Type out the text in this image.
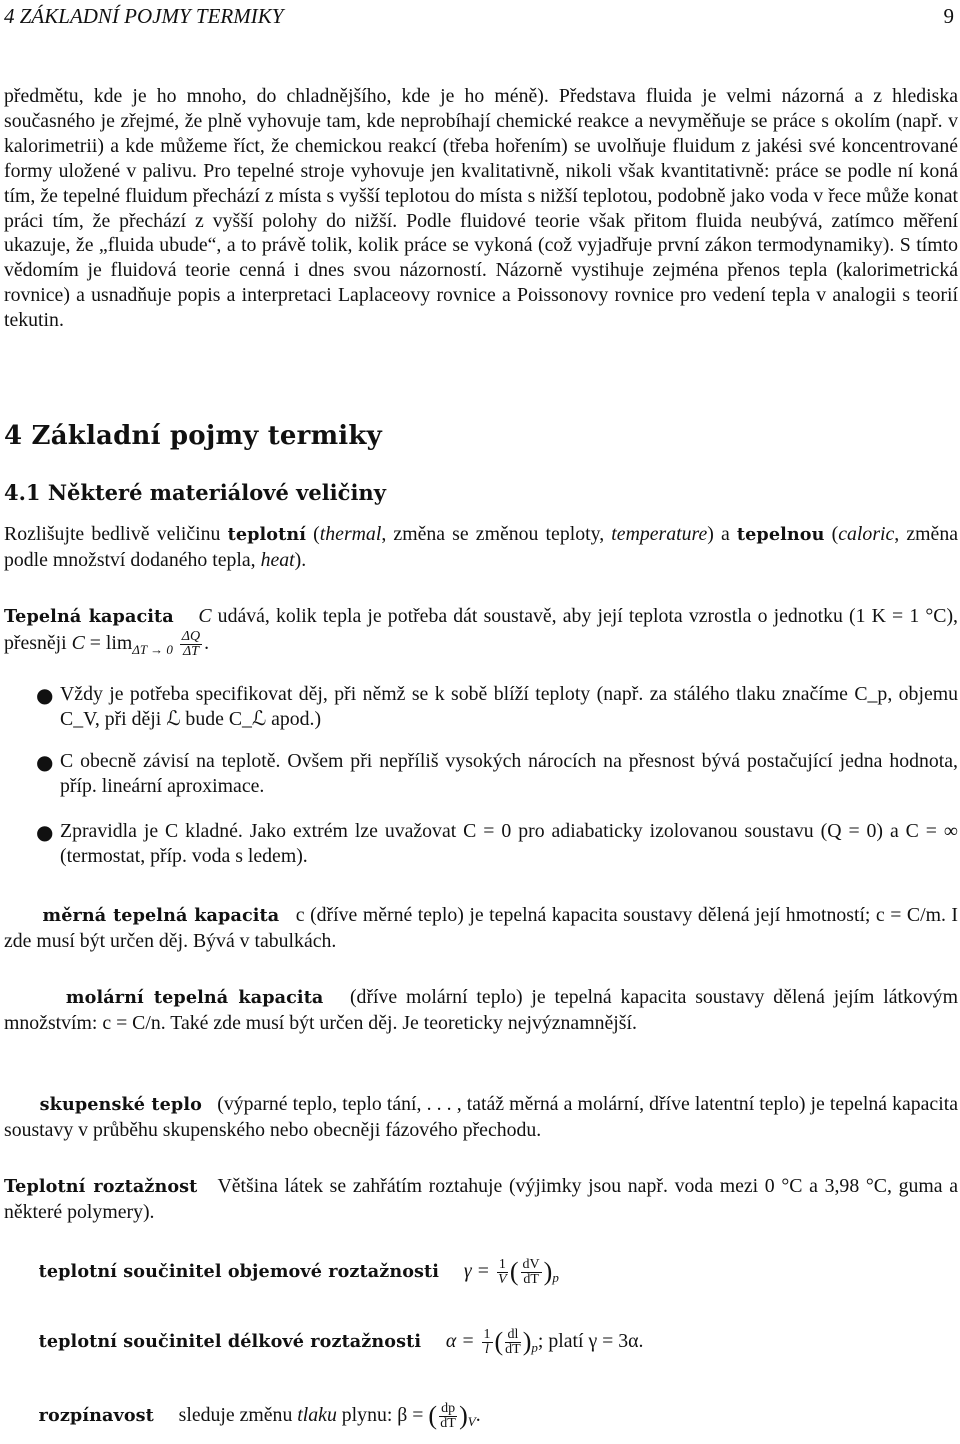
4 ZÁKLADNÍ POJMY TERMIKY	9
předmětu, kde je ho mnoho, do chladnějšího, kde je ho méně). Představa fluida je velmi názorná a z hlediska současného je zřejmé, že plně vyhovuje tam, kde neprobíhají chemické reakce a nevyměňuje se práce s okolím (např. v kalorimetrii) a kde můžeme říct, že chemickou reakcí (třeba hořením) se uvolňuje fluidum z jakési své koncentrované formy uložené v palivu. Pro tepelné stroje vyhovuje jen kvalitativně, nikoli však kvantitativně: práce se podle ní koná tím, že tepelné fluidum přechází z místa s vyšší teplotou do místa s nižší teplotou, podobně jako voda v řece může konat práci tím, že přechází z vyšší polohy do nižší. Podle fluidové teorie však přitom fluida neubývá, zatímco měření ukazuje, že „fluida ubude“, a to právě tolik, kolik práce se vykoná (což vyjadřuje první zákon termodynamiky). S tímto vědomím je fluidová teorie cenná i dnes svou názorností. Názorně vystihuje zejména přenos tepla (kalorimetrická rovnice) a usnadňuje popis a interpretaci Laplaceovy rovnice a Poissonovy rovnice pro vedení tepla v analogii s teorií tekutin.
4 Základní pojmy termiky
4.1 Některé materiálové veličiny
Rozlišujte bedlivě veličinu teplotní (thermal, změna se změnou teploty, temperature) a tepelnou (caloric, změna podle množství dodaného tepla, heat).
Tepelná kapacita C udává, kolik tepla je potřeba dát soustavě, aby její teplota vzrostla o jednotku (1 K = 1 °C), přesněji $C = \lim_{\Delta T \to 0} \frac{\Delta Q}{\Delta T}$ .
● Vždy je potřeba specifikovat děj, při němž se k sobě blíží teploty (např. za stálého tlaku značíme C_p, objemu C_V, při ději ℒ bude C_ℒ apod.)
● C obecně závisí na teplotě. Ovšem při nepříliš vysokých nárocích na přesnost bývá postačující jedna hodnota, příp. lineární aproximace.
● Zpravidla je C kladné. Jako extrém lze uvažovat C = 0 pro adiabaticky izolovanou soustavu (Q = 0) a C = ∞ (termostat, příp. voda s ledem).
měrná tepelná kapacita c (dříve měrné teplo) je tepelná kapacita soustavy dělená její hmotností; c = C/m. I zde musí být určen děj. Bývá v tabulkách.
molární tepelná kapacita (dříve molární teplo) je tepelná kapacita soustavy dělená jejím látkovým množstvím: c = C/n. Také zde musí být určen děj. Je teoreticky nejvýznamnější.
skupenské teplo (výparné teplo, teplo tání, . . . , tatáž měrná a molární, dříve latentní teplo) je tepelná kapacita soustavy v průběhu skupenského nebo obecněji fázového přechodu.
Teplotní roztažnost Většina látek se zahřátím roztahuje (výjimky jsou např. voda mezi 0 °C a 3,98 °C, guma a některé polymery).
teplotní součinitel objemové roztažnosti $\gamma = \frac{1}{V}$ ( $\frac{dV}{dT} )_p$
teplotní součinitel délkové roztažnosti $\alpha = \frac{1}{l}$ ( $\frac{dl}{dT} )_p$; platí γ = 3α.
rozpínavost sleduje změnu tlaku plynu: β = ( $\frac{dp}{dT} )_V$.
